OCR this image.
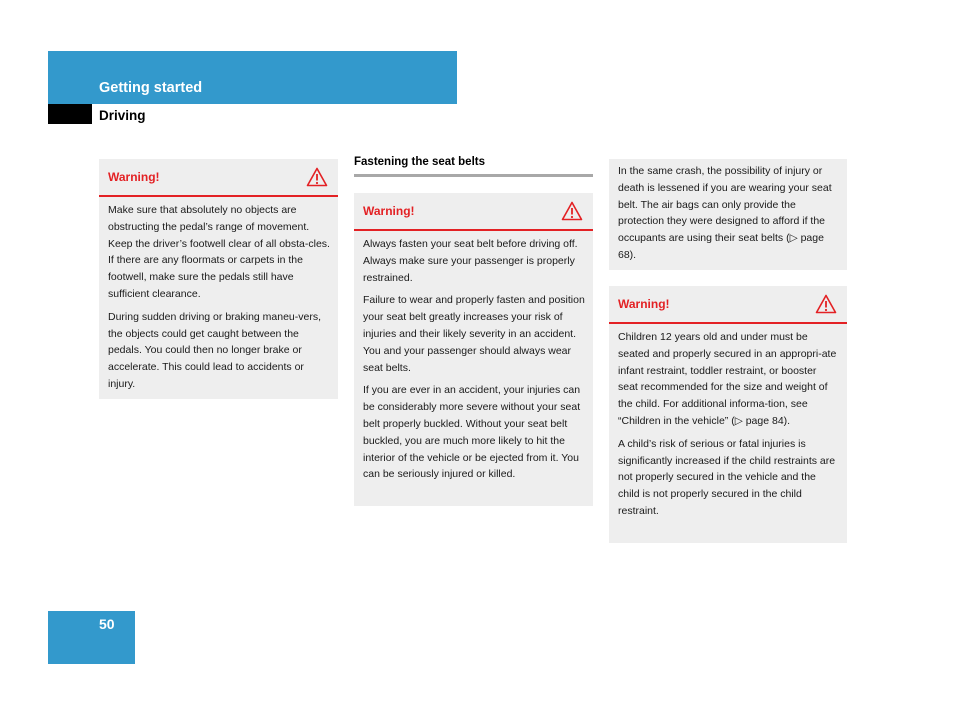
Getting started
Driving
Warning!

Make sure that absolutely no objects are obstructing the pedal’s range of movement. Keep the driver’s footwell clear of all obsta-cles. If there are any floormats or carpets in the footwell, make sure the pedals still have sufficient clearance.

During sudden driving or braking maneu-vers, the objects could get caught between the pedals. You could then no longer brake or accelerate. This could lead to accidents or injury.

Fastening the seat belts
Warning!

Always fasten your seat belt before driving off. Always make sure your passenger is properly restrained.

Failure to wear and properly fasten and position your seat belt greatly increases your risk of injuries and their likely severity in an accident. You and your passenger should always wear seat belts.

If you are ever in an accident, your injuries can be considerably more severe without your seat belt properly buckled. Without your seat belt buckled, you are much more likely to hit the interior of the vehicle or be ejected from it. You can be seriously injured or killed.

In the same crash, the possibility of injury or death is lessened if you are wearing your seat belt. The air bags can only provide the protection they were designed to afford if the occupants are using their seat belts (▷ page 68).

Warning!

Children 12 years old and under must be seated and properly secured in an appropri-ate infant restraint, toddler restraint, or booster seat recommended for the size and weight of the child. For additional informa-tion, see “Children in the vehicle” (▷ page 84).

A child’s risk of serious or fatal injuries is significantly increased if the child restraints are not properly secured in the vehicle and the child is not properly secured in the child restraint.

50
